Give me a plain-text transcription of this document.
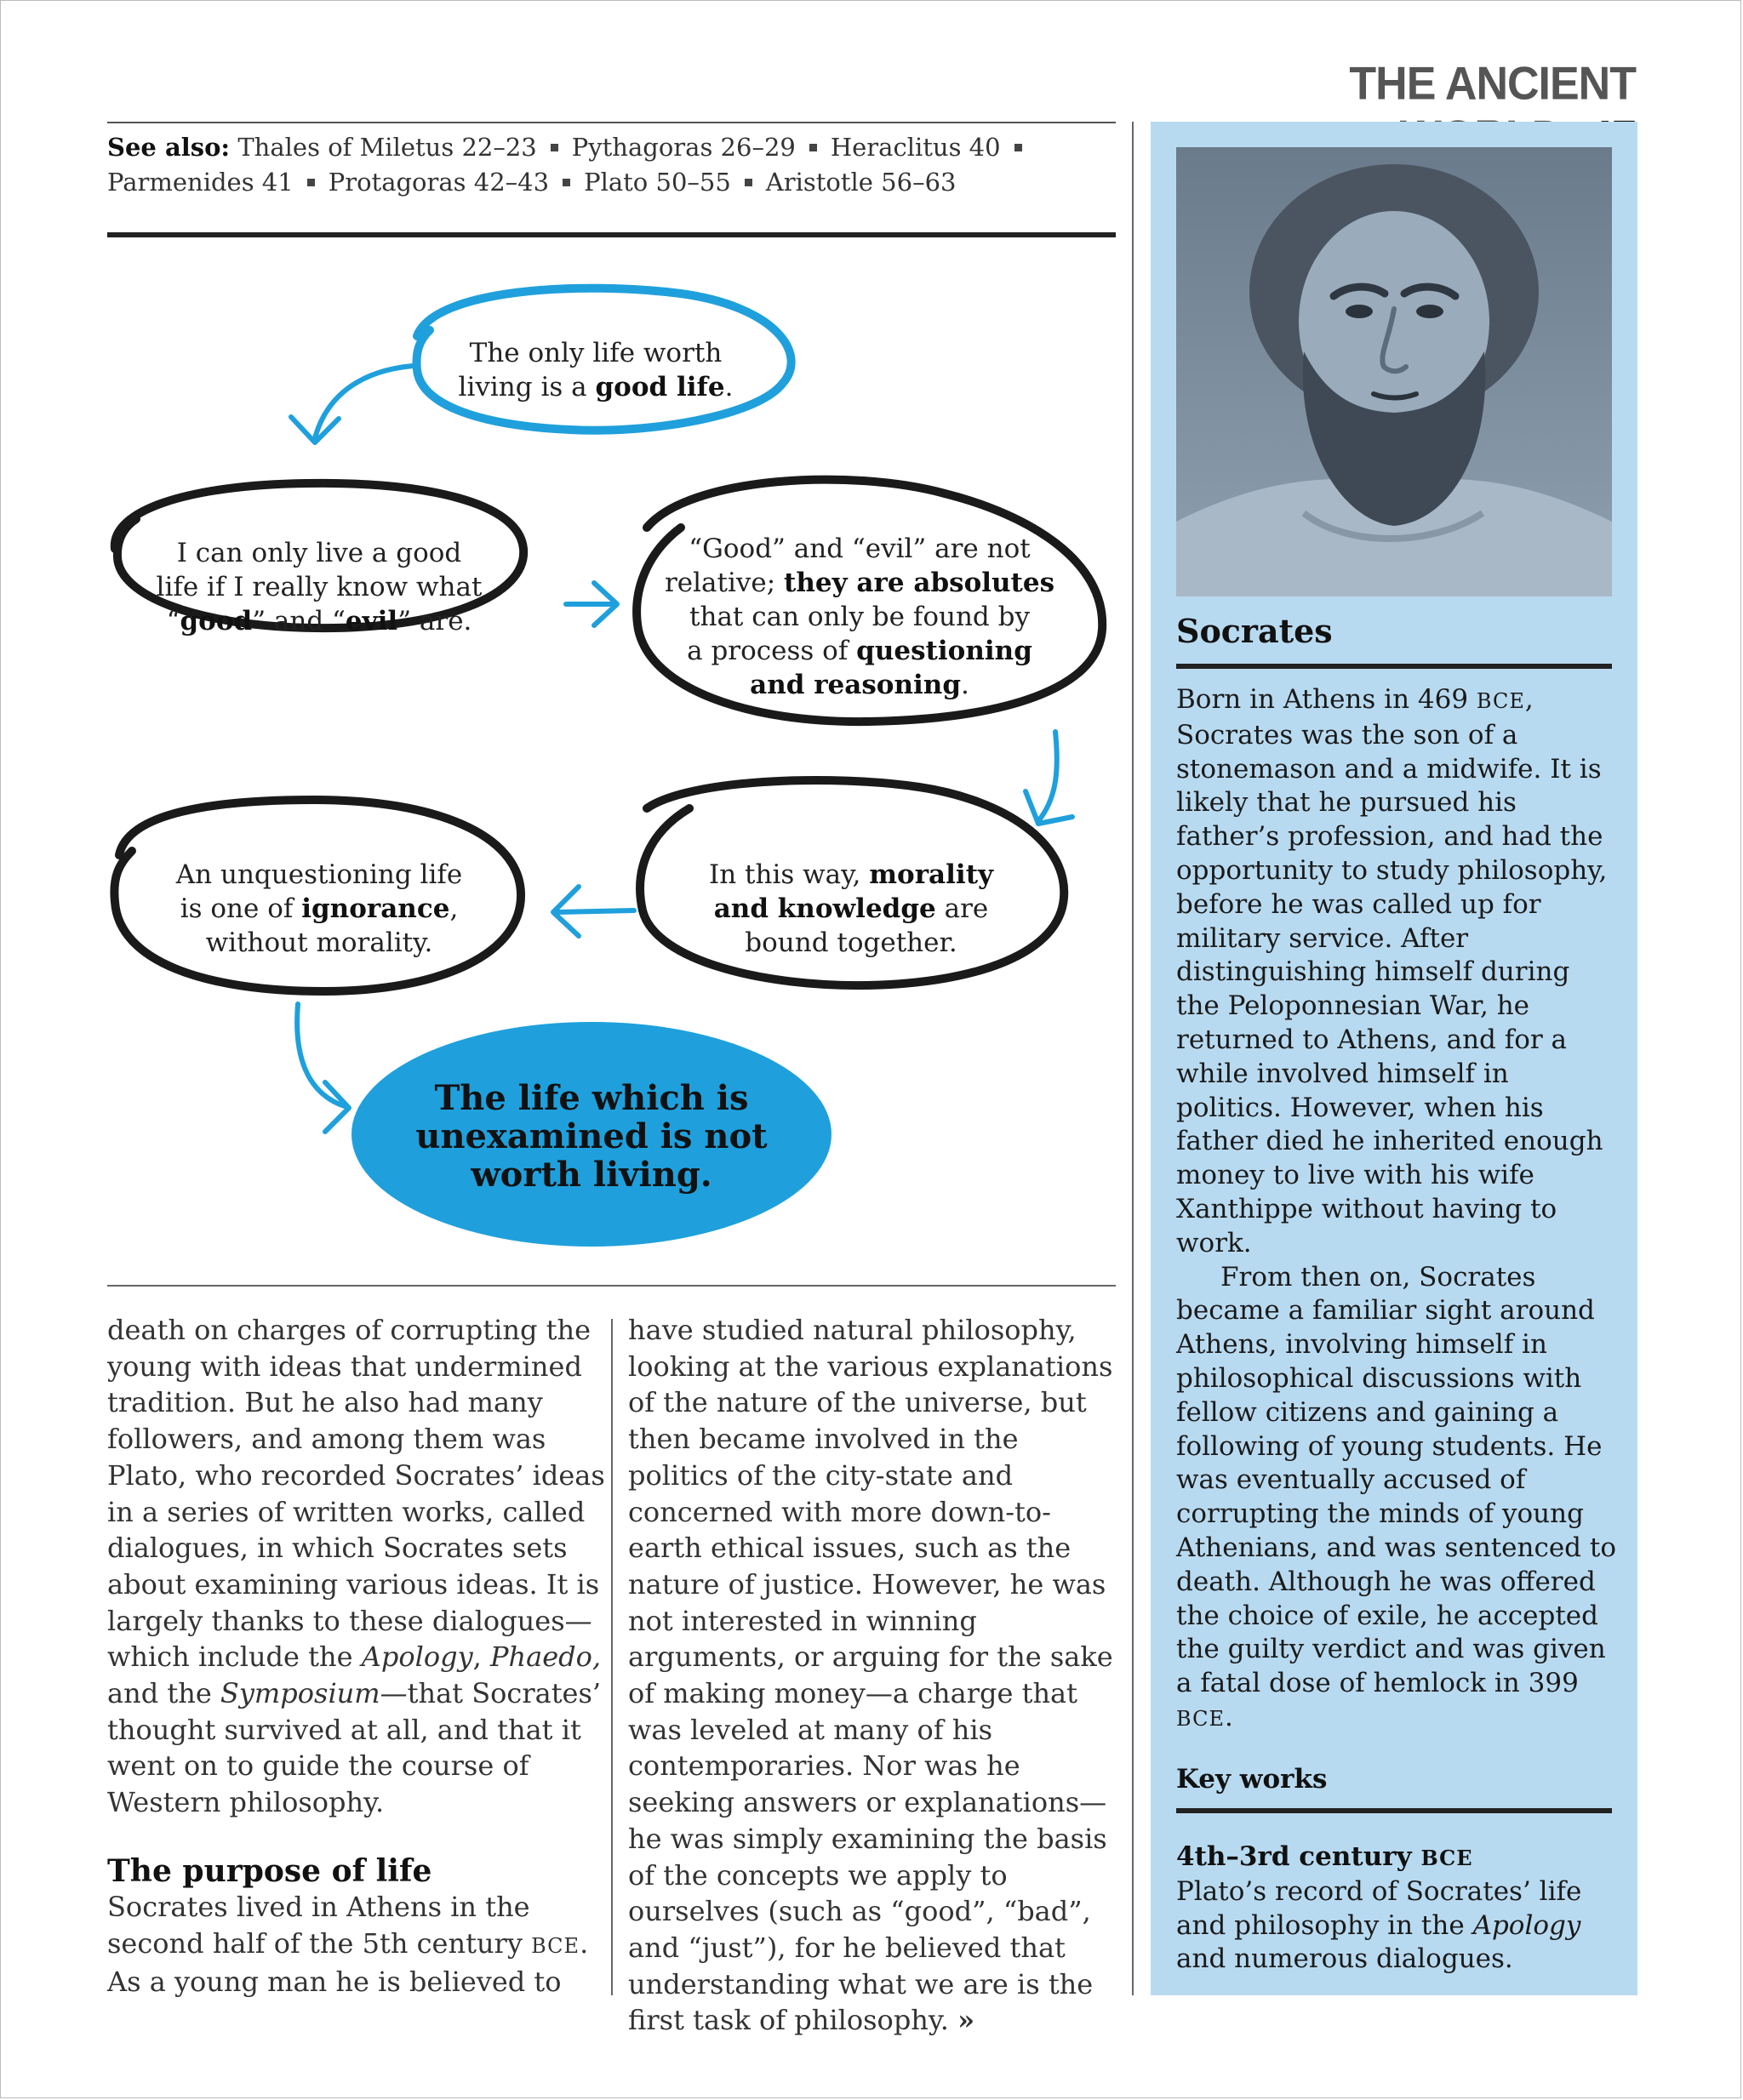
THE ANCIENT
See also: Thales of Miletus 22–23 Pythagoras 26–29 Heraclitus 40
Parmenides 41 Protagoras 42–43 Plato 50–55 Aristotle 56–63
The only life worth
living is a good life.
I can only live a good
life if I really know what
“good” and “evil” are.
“Good” and “evil” are not
relative; they are absolutes
that can only be found by
a process of questioning
and reasoning.
In this way, morality
and knowledge are
bound together.
An unquestioning life
is one of ignorance,
without morality.
The life which is
unexamined is not
worth living.

death on charges of corrupting the young with ideas that undermined tradition. But he also had many followers, and among them was Plato, who recorded Socrates’ ideas in a series of written works, called dialogues, in which Socrates sets about examining various ideas. It is largely thanks to these dialogues—which include the Apology, Phaedo, and the Symposium—that Socrates’ thought survived at all, and that it went on to guide the course of Western philosophy.

The purpose of life

Socrates lived in Athens in the second half of the 5th century BCE. As a young man he is believed to

have studied natural philosophy, looking at the various explanations of the nature of the universe, but then became involved in the politics of the city-state and concerned with more down-to-earth ethical issues, such as the nature of justice. However, he was not interested in winning arguments, or arguing for the sake of making money—a charge that was leveled at many of his contemporaries. Nor was he seeking answers or explanations—he was simply examining the basis of the concepts we apply to ourselves (such as “good”, “bad”, and “just”), for he believed that understanding what we are is the first task of philosophy. »

Socrates

Born in Athens in 469 BCE, Socrates was the son of a stonemason and a midwife. It is likely that he pursued his father’s profession, and had the opportunity to study philosophy, before he was called up for military service. After distinguishing himself during the Peloponnesian War, he returned to Athens, and for a while involved himself in politics. However, when his father died he inherited enough money to live with his wife Xanthippe without having to work.

From then on, Socrates became a familiar sight around Athens, involving himself in philosophical discussions with fellow citizens and gaining a following of young students. He was eventually accused of corrupting the minds of young Athenians, and was sentenced to death. Although he was offered the choice of exile, he accepted the guilty verdict and was given a fatal dose of hemlock in 399 BCE.

Key works
4th–3rd century BCE
Plato’s record of Socrates’ life and philosophy in the Apology and numerous dialogues.
